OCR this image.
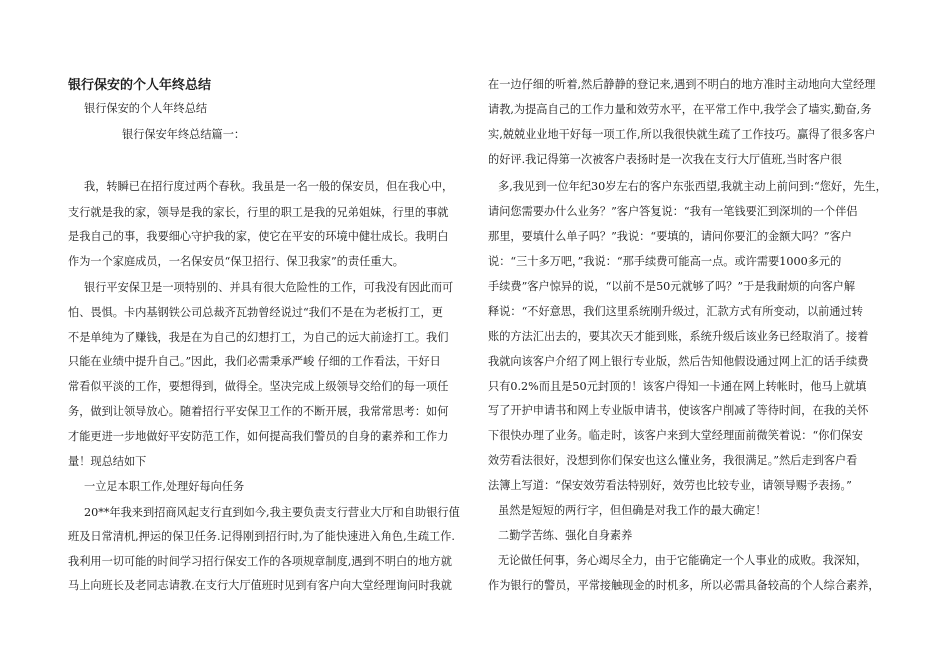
银行保安的个人年终总结
银行保安的个人年终总结
银行保安年终总结篇一：
我，转瞬已在招行度过两个春秋。我虽是一名一般的保安员，但在我心中，
支行就是我的家，领导是我的家长，行里的职工是我的兄弟姐妹，行里的事就
是我自己的事，我要细心守护我的家，使它在平安的环境中健壮成长。我明白
作为一个家庭成员，一名保安员“保卫招行、保卫我家”的责任重大。
银行平安保卫是一项特别的、并具有很大危险性的工作，可我没有因此而可
怕、畏惧。卡内基钢铁公司总裁齐瓦勃曾经说过“我们不是在为老板打工，更
不是单纯为了赚钱，我是在为自己的幻想打工，为自己的远大前途打工。我们
只能在业绩中提升自己。”因此，我们必需秉承严峻 仔细的工作看法，干好日
常看似平淡的工作，要想得到，做得全。坚决完成上级领导交给们的每一项任
务，做到让领导放心。随着招行平安保卫工作的不断开展，我常常思考：如何
才能更进一步地做好平安防范工作，如何提高我们警员的自身的素养和工作力
量！现总结如下
一立足本职工作,处理好每向任务
20**年我来到招商风起支行直到如今,我主要负责支行营业大厅和自助银行值
班及日常清机,押运的保卫任务.记得刚到招行时,为了能快速进入角色,生疏工作.
我利用一切可能的时间学习招行保安工作的各项规章制度,遇到不明白的地方就
马上向班长及老同志请教.在支行大厅值班时见到有客户向大堂经理询问时我就
在一边仔细的听着,然后静静的登记来,遇到不明白的地方准时主动地向大堂经理
请教,为提高自己的工作力量和效劳水平，在平常工作中,我学会了墙实,勤奋,务
实,兢兢业业地干好每一项工作,所以我很快就生疏了工作技巧。赢得了很多客户
的好评.我记得第一次被客户表扬时是一次我在支行大厅值班,当时客户很
多,我见到一位年纪30岁左右的客户东张西望,我就主动上前问到:“您好，先生，
请问您需要办什么业务？”客户答复说：“我有一笔钱要汇到深圳的一个伴侣
那里，要填什么单子吗？”我说：“要填的，请问你要汇的金额大吗？”客户
说：“三十多万吧，”我说：“那手续费可能高一点。或许需要1000多元的
手续费”客户惊异的说，“以前不是50元就够了吗？”于是我耐烦的向客户解
释说：“不好意思，我们这里系统刚升级过，汇款方式有所变动，以前通过转
账的方法汇出去的，要其次天才能到账，系统升级后该业务已经取消了。接着
我就向该客户介绍了网上银行专业版，然后告知他假设通过网上汇的话手续费
只有0.2%而且是50元封顶的！该客户得知一卡通在网上转帐时，他马上就填
写了开护申请书和网上专业版申请书，使该客户削减了等待时间，在我的关怀
下很快办理了业务。临走时，该客户来到大堂经理面前微笑着说：“你们保安
效劳看法很好，没想到你们保安也这么懂业务，我很满足。”然后走到客户看
法簿上写道：“保安效劳看法特别好，效劳也比较专业，请领导赐予表扬。”
虽然是短短的两行字，但但确是对我工作的最大确定！
二勤学苦练、强化自身素养
无论做任何事，务心竭尽全力，由于它能确定一个人事业的成败。我深知，
作为银行的警员，平常接触现金的时机多，所以必需具备较高的个人综合素养，
